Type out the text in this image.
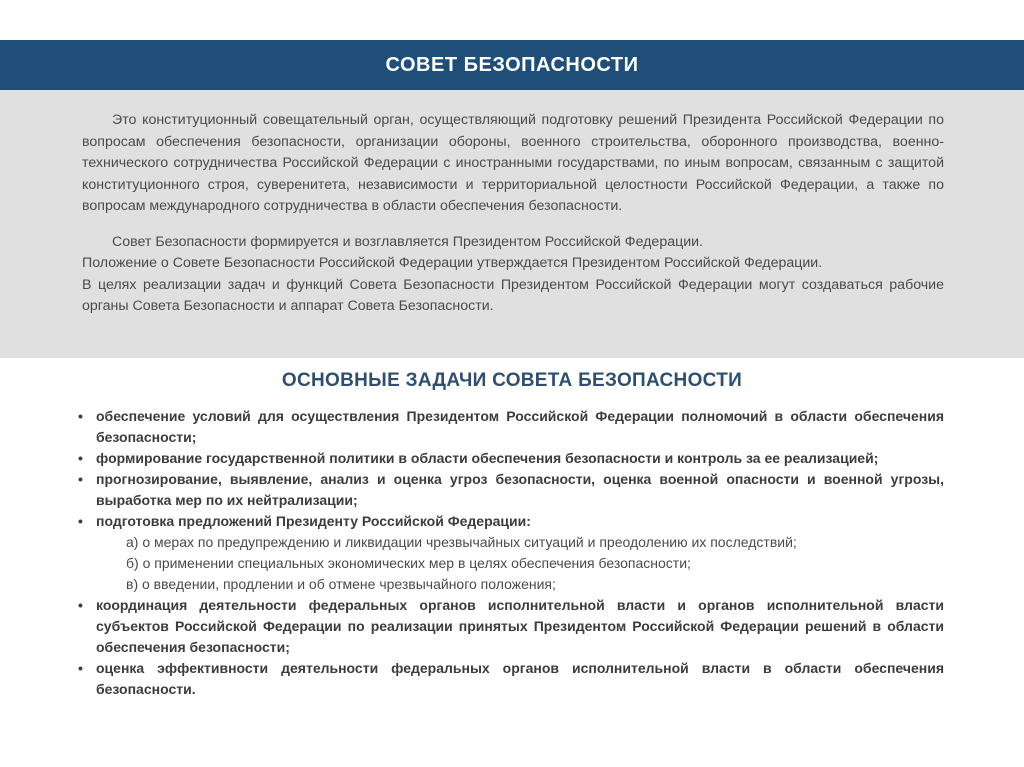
СОВЕТ БЕЗОПАСНОСТИ

Это конституционный совещательный орган, осуществляющий подготовку решений Президента Российской Федерации по вопросам обеспечения безопасности, организации обороны, военного строительства, оборонного производства, военно-технического сотрудничества Российской Федерации с иностранными государствами, по иным вопросам, связанным с защитой конституционного строя, суверенитета, независимости и территориальной целостности Российской Федерации, а также по вопросам международного сотрудничества в области обеспечения безопасности.

Совет Безопасности формируется и возглавляется Президентом Российской Федерации.

Положение о Совете Безопасности Российской Федерации утверждается Президентом Российской Федерации.

В целях реализации задач и функций Совета Безопасности Президентом Российской Федерации могут создаваться рабочие органы Совета Безопасности и аппарат Совета Безопасности.

ОСНОВНЫЕ ЗАДАЧИ СОВЕТА БЕЗОПАСНОСТИ
• обеспечение условий для осуществления Президентом Российской Федерации полномочий в области обеспечения безопасности;
• формирование государственной политики в области обеспечения безопасности и контроль за ее реализацией;
• прогнозирование, выявление, анализ и оценка угроз безопасности, оценка военной опасности и военной угрозы, выработка мер по их нейтрализации;
• подготовка предложений Президенту Российской Федерации:
а) о мерах по предупреждению и ликвидации чрезвычайных ситуаций и преодолению их последствий;
б) о применении специальных экономических мер в целях обеспечения безопасности;
в) о введении, продлении и об отмене чрезвычайного положения;
• координация деятельности федеральных органов исполнительной власти и органов исполнительной власти субъектов Российской Федерации по реализации принятых Президентом Российской Федерации решений в области обеспечения безопасности;
• оценка эффективности деятельности федеральных органов исполнительной власти в области обеспечения безопасности.
